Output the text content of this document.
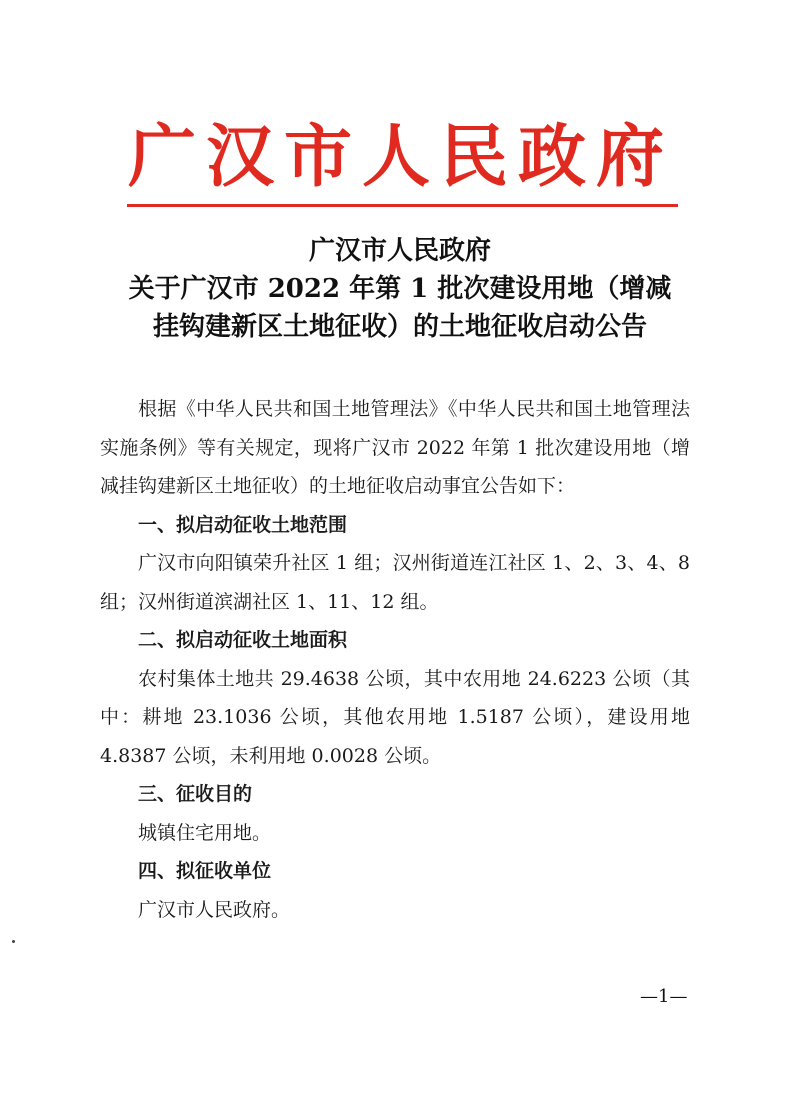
广汉市人民政府
广汉市人民政府
关于广汉市 2022 年第 1 批次建设用地（增减
挂钩建新区土地征收）的土地征收启动公告

根据《中华人民共和国土地管理法》《中华人民共和国土地管理法实施条例》等有关规定，现将广汉市 2022 年第 1 批次建设用地（增减挂钩建新区土地征收）的土地征收启动事宜公告如下：

一、拟启动征收土地范围

广汉市向阳镇荣升社区 1 组；汉州街道连江社区 1、2、3、4、8 组；汉州街道滨湖社区 1、11、12 组。

二、拟启动征收土地面积

农村集体土地共 29.4638 公顷，其中农用地 24.6223 公顷（其中：耕地 23.1036 公顷，其他农用地 1.5187 公顷），建设用地 4.8387 公顷，未利用地 0.0028 公顷。

三、征收目的

城镇住宅用地。

四、拟征收单位

广汉市人民政府。

—1—
